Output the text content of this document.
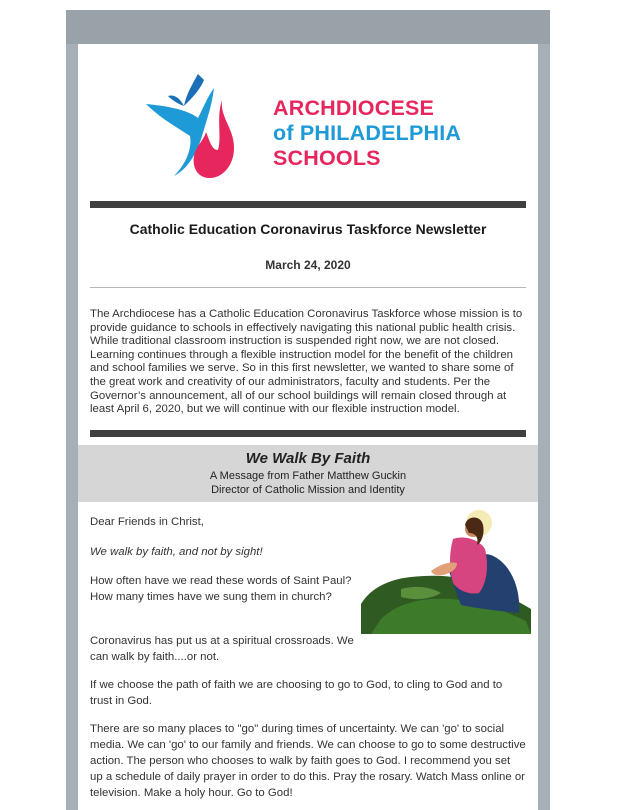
ARCHDIOCESE
of PHILADELPHIA
SCHOOLS
Catholic Education Coronavirus Taskforce Newsletter
March 24, 2020

The Archdiocese has a Catholic Education Coronavirus Taskforce whose mission is to provide guidance to schools in effectively navigating this national public health crisis. While traditional classroom instruction is suspended right now, we are not closed. Learning continues through a flexible instruction model for the benefit of the children and school families we serve. So in this first newsletter, we wanted to share some of the great work and creativity of our administrators, faculty and students. Per the Governor’s announcement, all of our school buildings will remain closed through at least April 6, 2020, but we will continue with our flexible instruction model.

We Walk By Faith
A Message from Father Matthew Guckin
Director of Catholic Mission and Identity

Dear Friends in Christ,

We walk by faith, and not by sight!

How often have we read these words of Saint Paul? How many times have we sung them in church?

Coronavirus has put us at a spiritual crossroads. We can walk by faith....or not.

If we choose the path of faith we are choosing to go to God, to cling to God and to trust in God.

There are so many places to "go" during times of uncertainty. We can 'go' to social media. We can 'go' to our family and friends. We can choose to go to some destructive action. The person who chooses to walk by faith goes to God. I recommend you set up a schedule of daily prayer in order to do this. Pray the rosary. Watch Mass online or television. Make a holy hour. Go to God!
